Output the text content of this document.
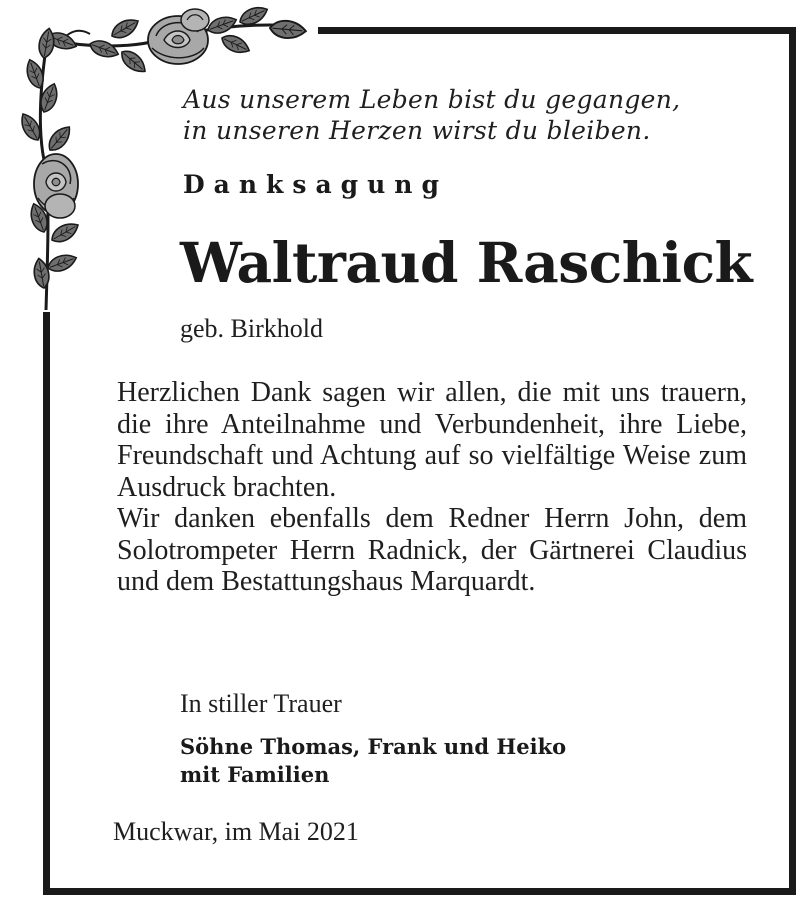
Aus unserem Leben bist du gegangen,
in unseren Herzen wirst du bleiben.
Danksagung
Waltraud Raschick
geb. Birkhold

Herzlichen Dank sagen wir allen, die mit uns trauern, die ihre Anteilnahme und Verbundenheit, ihre Liebe, Freundschaft und Achtung auf so vielfältige Weise zum Ausdruck brachten.

Wir danken ebenfalls dem Redner Herrn John, dem Solotrompeter Herrn Radnick, der Gärtnerei Claudius und dem Bestattungshaus Marquardt.

In stiller Trauer
Söhne Thomas, Frank und Heiko
mit Familien
Muckwar, im Mai 2021
